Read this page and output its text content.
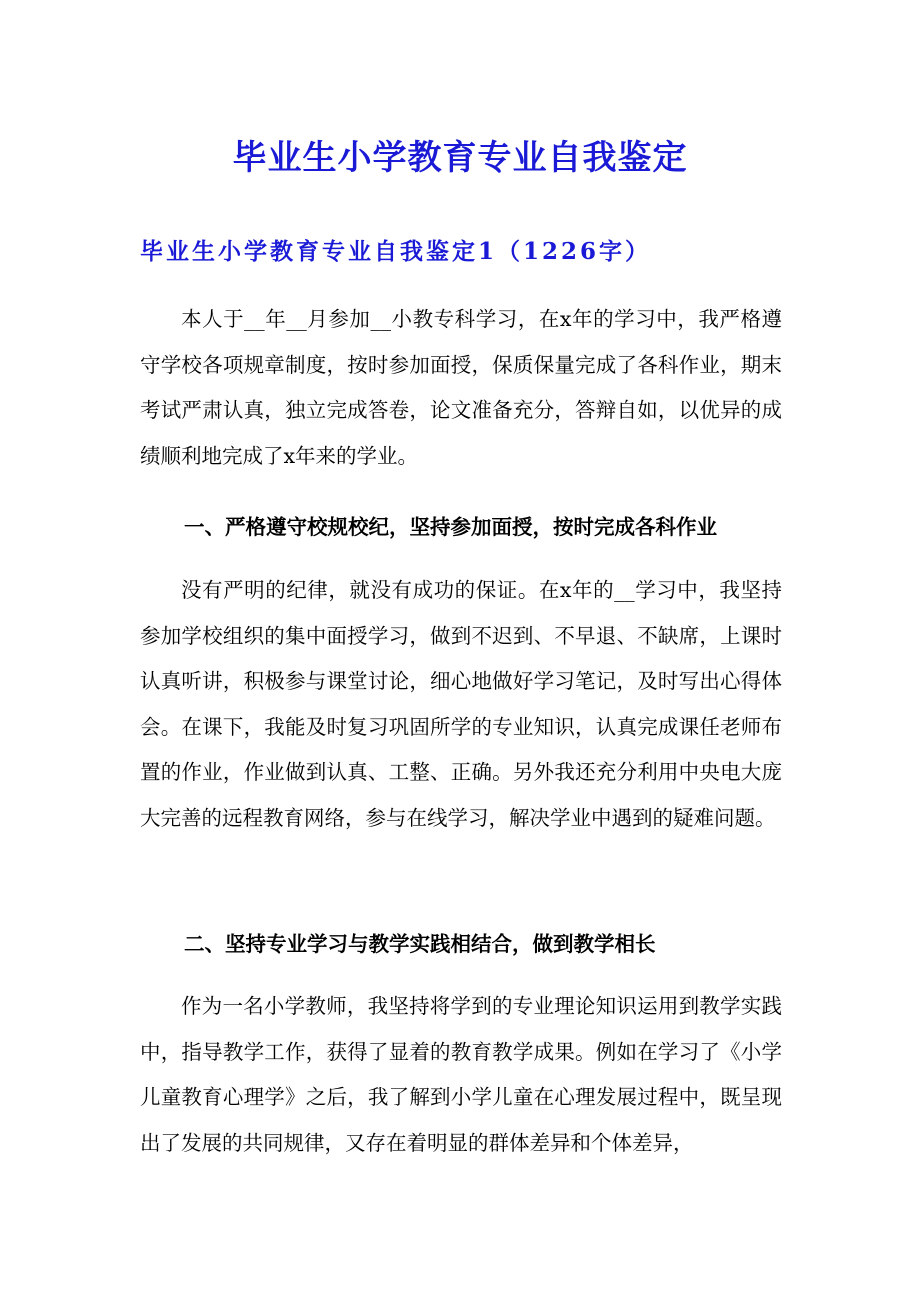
毕业生小学教育专业自我鉴定
毕业生小学教育专业自我鉴定1（1226字）

本人于__年__月参加__小教专科学习，在x年的学习中，我严格遵守学校各项规章制度，按时参加面授，保质保量完成了各科作业，期末考试严肃认真，独立完成答卷，论文准备充分，答辩自如，以优异的成绩顺利地完成了x年来的学业。

一、严格遵守校规校纪，坚持参加面授，按时完成各科作业

没有严明的纪律，就没有成功的保证。在x年的__学习中，我坚持参加学校组织的集中面授学习，做到不迟到、不早退、不缺席，上课时认真听讲，积极参与课堂讨论，细心地做好学习笔记，及时写出心得体会。在课下，我能及时复习巩固所学的专业知识，认真完成课任老师布置的作业，作业做到认真、工整、正确。另外我还充分利用中央电大庞大完善的远程教育网络，参与在线学习，解决学业中遇到的疑难问题。

二、坚持专业学习与教学实践相结合，做到教学相长

作为一名小学教师，我坚持将学到的专业理论知识运用到教学实践中，指导教学工作，获得了显着的教育教学成果。例如在学习了《小学儿童教育心理学》之后，我了解到小学儿童在心理发展过程中，既呈现出了发展的共同规律，又存在着明显的群体差异和个体差异，
